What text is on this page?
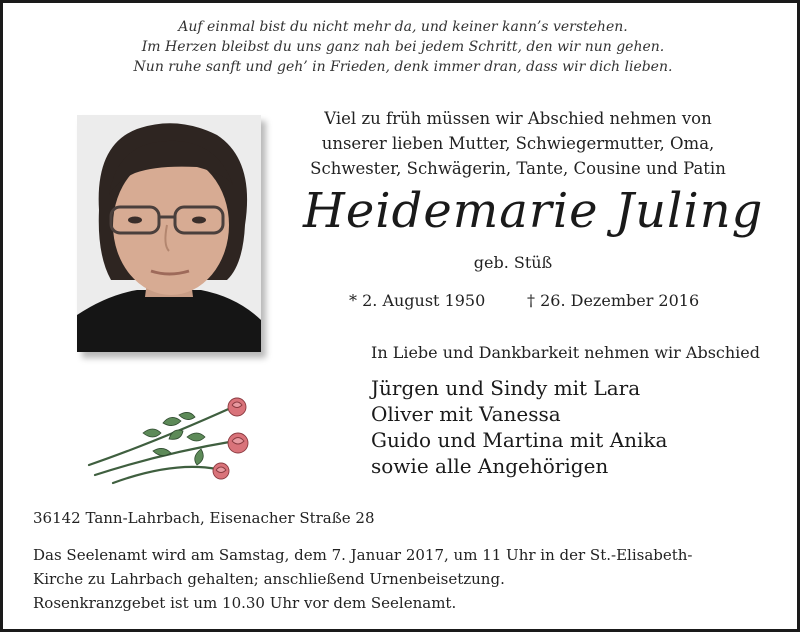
Auf einmal bist du nicht mehr da, und keiner kann’s verstehen.
Im Herzen bleibst du uns ganz nah bei jedem Schritt, den wir nun gehen.
Nun ruhe sanft und geh’ in Frieden, denk immer dran, dass wir dich lieben.
Viel zu früh müssen wir Abschied nehmen von
unserer lieben Mutter, Schwiegermutter, Oma,
Schwester, Schwägerin, Tante, Cousine und Patin
Heidemarie Juling
geb. Stüß
* 2. August 1950	† 26. Dezember 2016
In Liebe und Dankbarkeit nehmen wir Abschied
Jürgen und Sindy mit Lara
Oliver mit Vanessa
Guido und Martina mit Anika
sowie alle Angehörigen
36142 Tann-Lahrbach, Eisenacher Straße 28
Das Seelenamt wird am Samstag, dem 7. Januar 2017, um 11 Uhr in der St.-Elisabeth-
Kirche zu Lahrbach gehalten; anschließend Urnenbeisetzung.
Rosenkranzgebet ist um 10.30 Uhr vor dem Seelenamt.
